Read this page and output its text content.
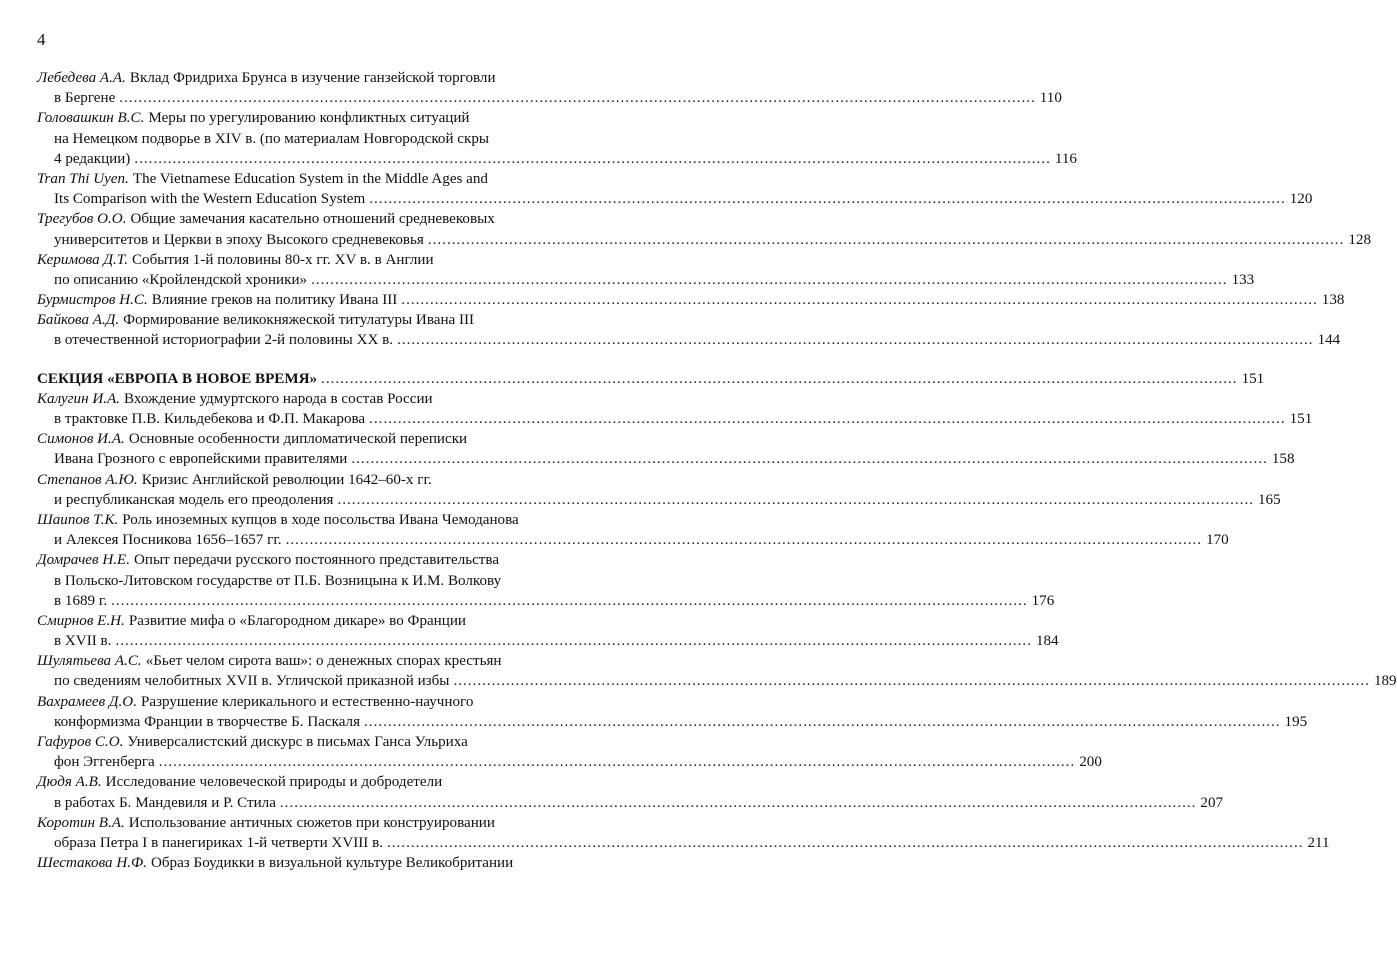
4
Лебедева А.А. Вклад Фридриха Брунса в изучение ганзейской торговли
в Бергене .....	110
Головашкин В.С. Меры по урегулированию конфликтных ситуаций
на Немецком подворье в XIV в. (по материалам Новгородской скры
4 редакции) .....	116
Tran Thi Uyen. The Vietnamese Education System in the Middle Ages and
Its Comparison with the Western Education System .....	120
Трегубов О.О. Общие замечания касательно отношений средневековых
университетов и Церкви в эпоху Высокого средневековья .....	128
Керимова Д.Т. События 1-й половины 80-х гг. XV в. в Англии
по описанию «Кройлендской хроники» .....	133
Бурмистров Н.С. Влияние греков на политику Ивана III .....	138
Байкова А.Д. Формирование великокняжеской титулатуры Ивана III
в отечественной историографии 2-й половины XX в. .....	144
СЕКЦИЯ «ЕВРОПА В НОВОЕ ВРЕМЯ» .....	151
Калугин И.А. Вхождение удмуртского народа в состав России
в трактовке П.В. Кильдебекова и Ф.П. Макарова .....	151
Симонов И.А. Основные особенности дипломатической переписки
Ивана Грозного с европейскими правителями .....	158
Степанов А.Ю. Кризис Английской революции 1642–60-х гг.
и республиканская модель его преодоления .....	165
Шаипов Т.К. Роль иноземных купцов в ходе посольства Ивана Чемоданова
и Алексея Посникова 1656–1657 гг. .....	170
Домрачев Н.Е. Опыт передачи русского постоянного представительства
в Польско-Литовском государстве от П.Б. Возницына к И.М. Волкову
в 1689 г. .....	176
Смирнов Е.Н. Развитие мифа о «Благородном дикаре» во Франции
в XVII в. .....	184
Шулятьева А.С. «Бьет челом сирота ваш»: о денежных спорах крестьян
по сведениям челобитных XVII в. Угличской приказной избы .....	189
Вахрамеев Д.О. Разрушение клерикального и естественно-научного
конформизма Франции в творчестве Б. Паскаля .....	195
Гафуров С.О. Универсалистский дискурс в письмах Ганса Ульриха
фон Эггенберга .....	200
Дюдя А.В. Исследование человеческой природы и добродетели
в работах Б. Мандевиля и Р. Стила .....	207
Коротин В.А. Использование античных сюжетов при конструировании
образа Петра I в панегириках 1-й четверти XVIII в. .....	211
Шестакова Н.Ф. Образ Боудикки в визуальной культуре Великобритании
